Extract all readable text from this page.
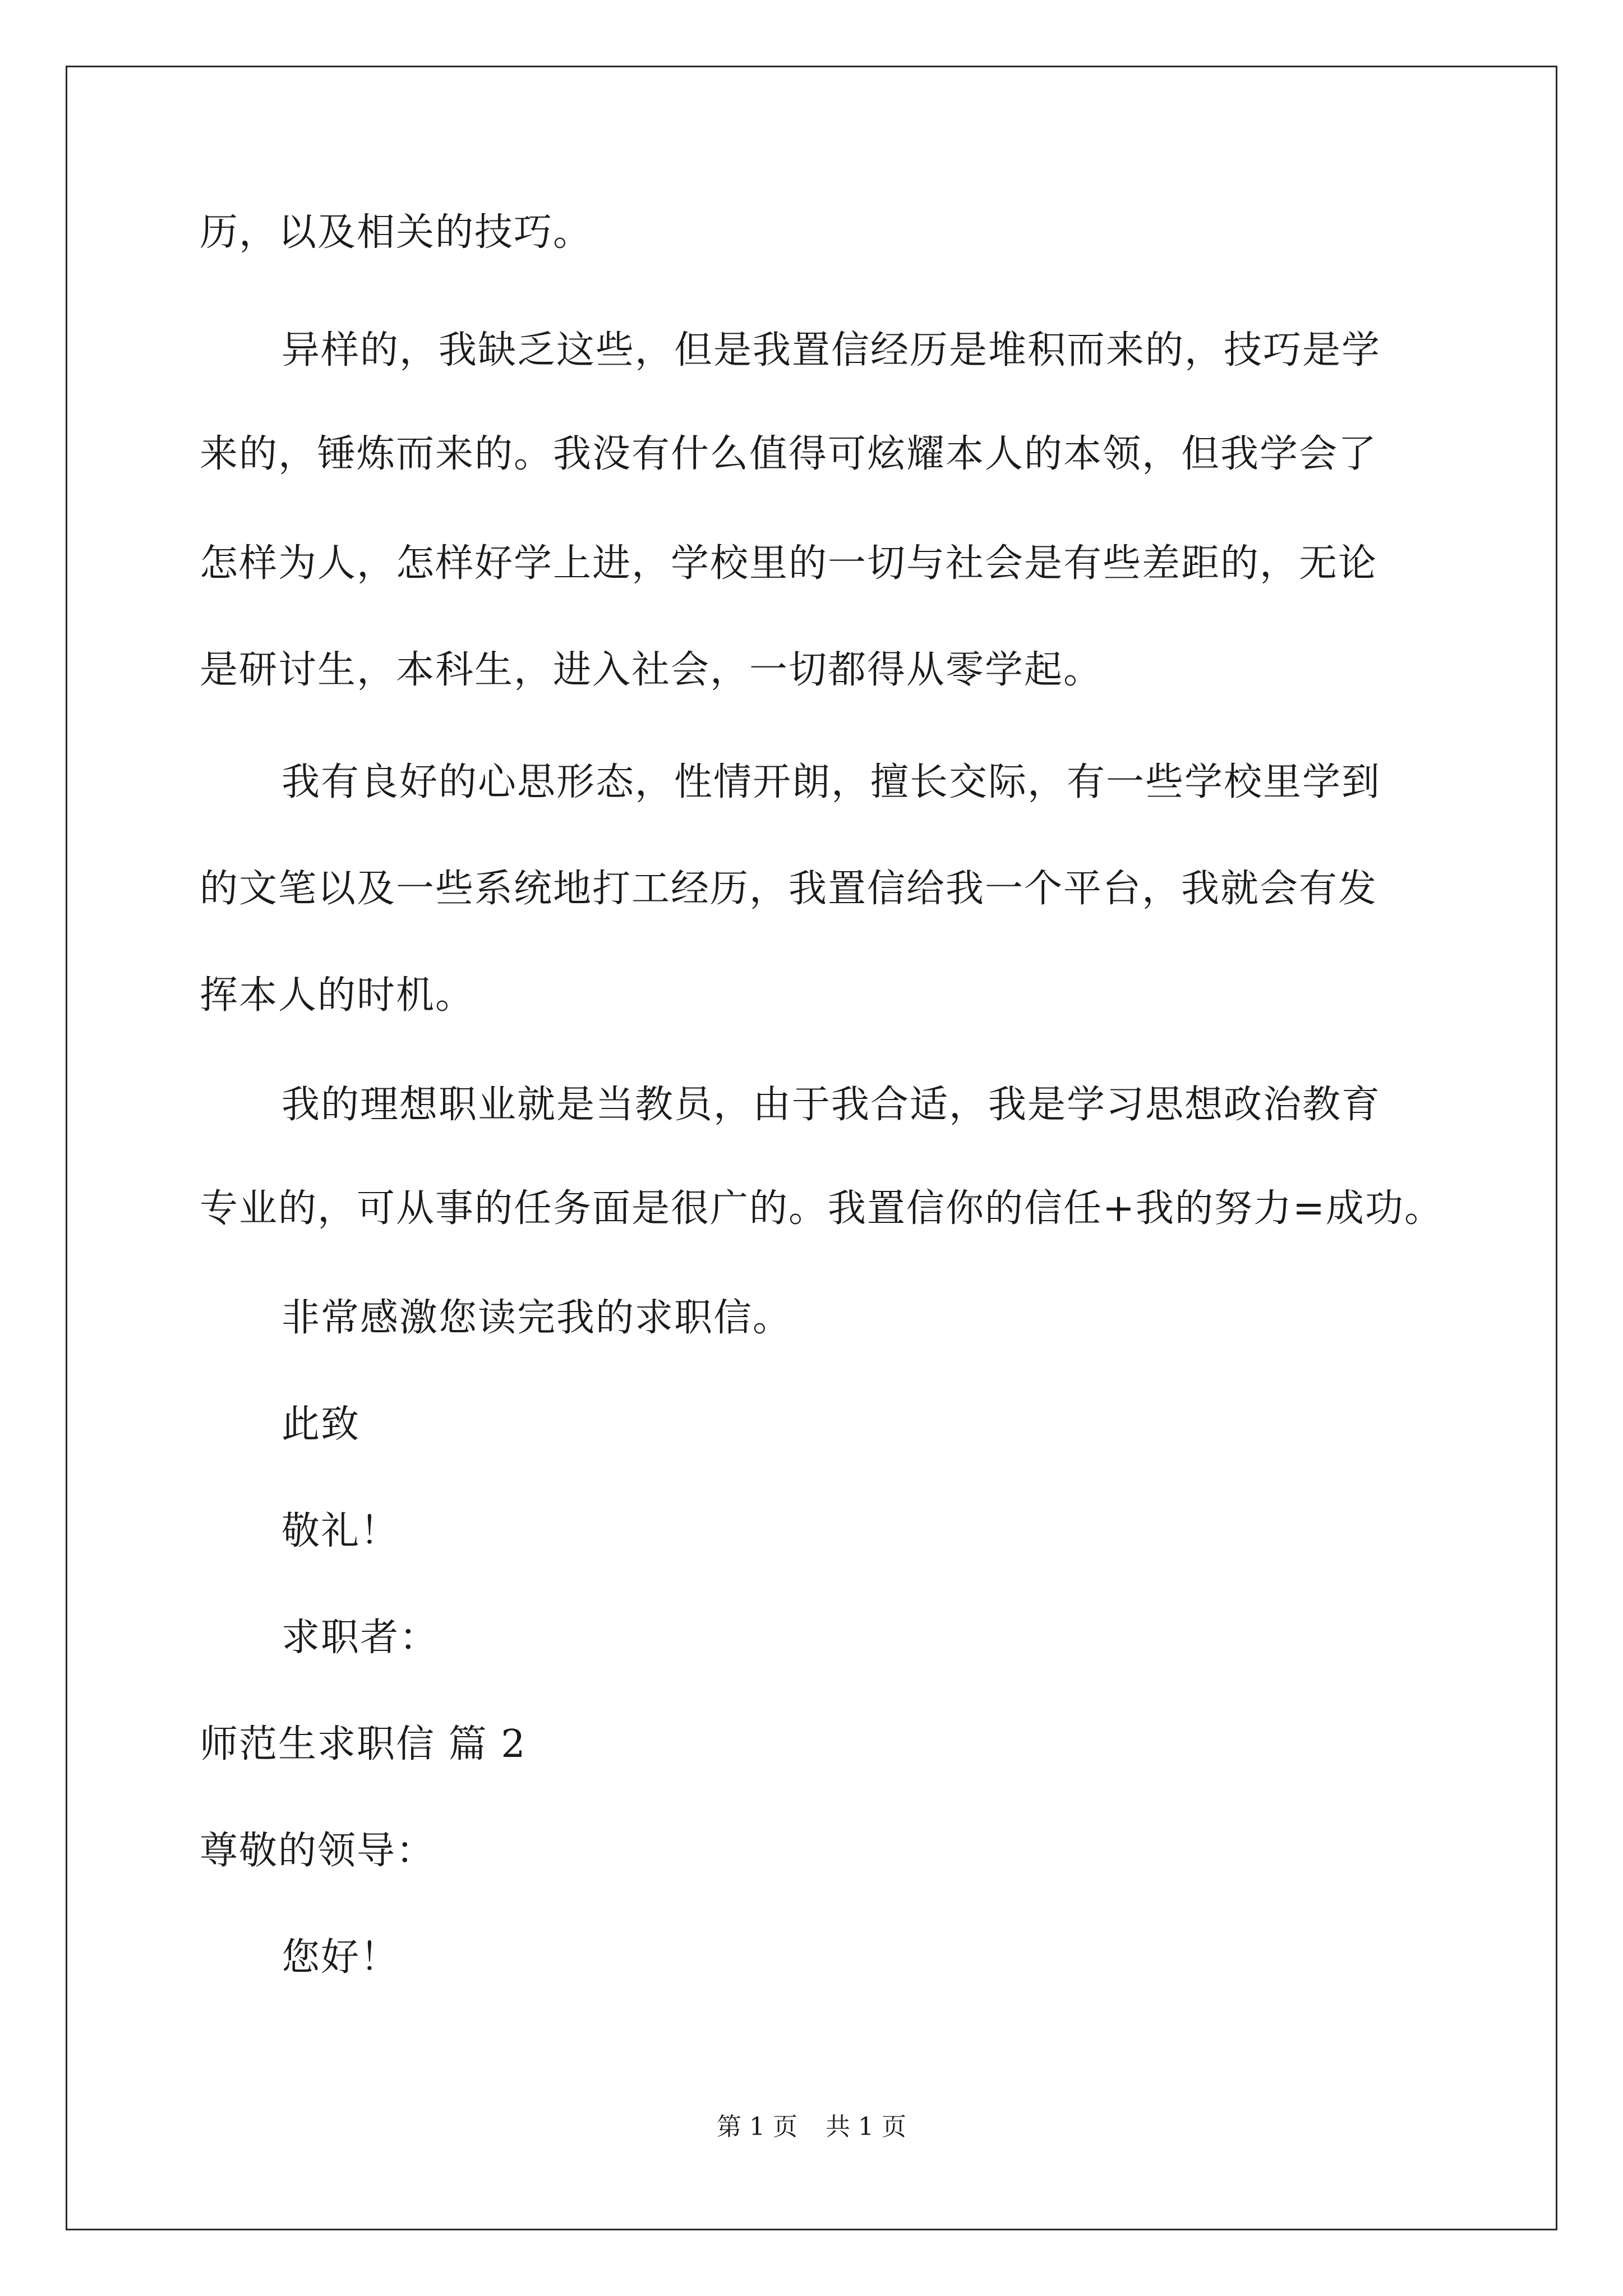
历，以及相关的技巧。
异样的，我缺乏这些，但是我置信经历是堆积而来的，技巧是学
来的，锤炼而来的。我没有什么值得可炫耀本人的本领，但我学会了
怎样为人，怎样好学上进，学校里的一切与社会是有些差距的，无论
是研讨生，本科生，进入社会，一切都得从零学起。
我有良好的心思形态，性情开朗，擅长交际，有一些学校里学到
的文笔以及一些系统地打工经历，我置信给我一个平台，我就会有发
挥本人的时机。
我的理想职业就是当教员，由于我合适，我是学习思想政治教育
专业的，可从事的任务面是很广的。我置信你的信任+我的努力=成功。
非常感激您读完我的求职信。
此致
敬礼！
求职者：
师范生求职信 篇 2
尊敬的领导：
您好！
第 1 页 共 1 页
